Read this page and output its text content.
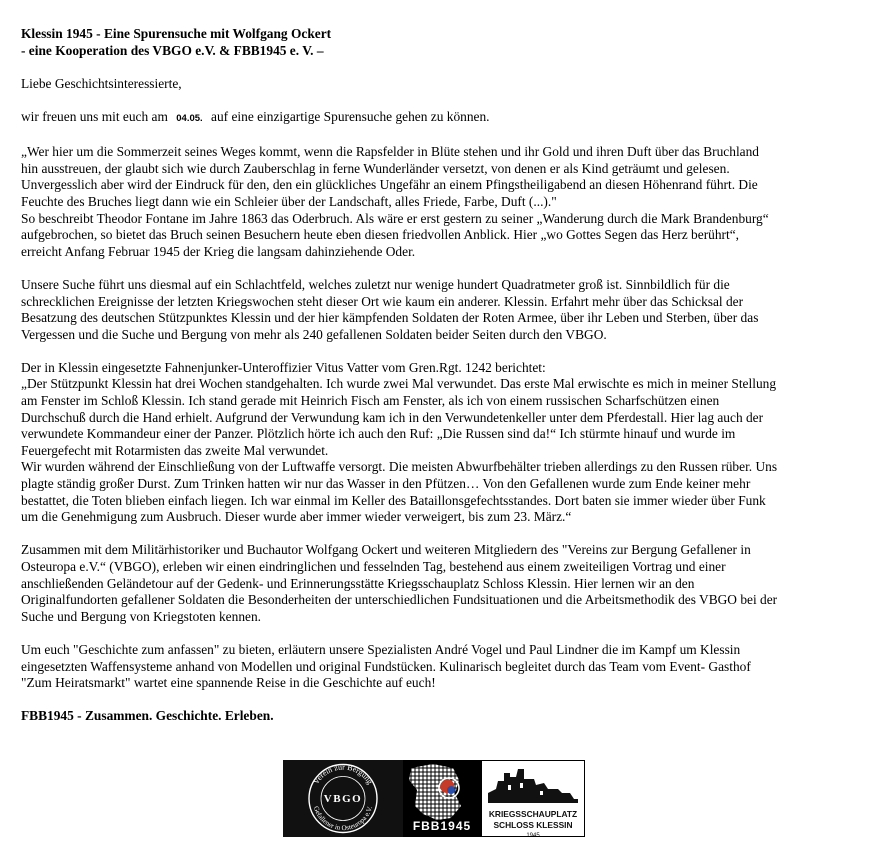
Klessin 1945 - Eine Spurensuche mit Wolfgang Ockert

- eine Kooperation des VBGO e.V. & FBB1945 e. V. –

Liebe Geschichtsinteressierte,

wir freuen uns mit euch am 04.05. auf eine einzigartige Spurensuche gehen zu können.

„Wer hier um die Sommerzeit seines Weges kommt, wenn die Rapsfelder in Blüte stehen und ihr Gold und ihren Duft über das Bruchland

hin ausstreuen, der glaubt sich wie durch Zauberschlag in ferne Wunderländer versetzt, von denen er als Kind geträumt und gelesen.

Unvergesslich aber wird der Eindruck für den, den ein glückliches Ungefähr an einem Pfingstheiligabend an diesen Höhenrand führt. Die

Feuchte des Bruches liegt dann wie ein Schleier über der Landschaft, alles Friede, Farbe, Duft (...)."

So beschreibt Theodor Fontane im Jahre 1863 das Oderbruch. Als wäre er erst gestern zu seiner „Wanderung durch die Mark Brandenburg“

aufgebrochen, so bietet das Bruch seinen Besuchern heute eben diesen friedvollen Anblick. Hier „wo Gottes Segen das Herz berührt“,

erreicht Anfang Februar 1945 der Krieg die langsam dahinziehende Oder.

Unsere Suche führt uns diesmal auf ein Schlachtfeld, welches zuletzt nur wenige hundert Quadratmeter groß ist. Sinnbildlich für die

schrecklichen Ereignisse der letzten Kriegswochen steht dieser Ort wie kaum ein anderer. Klessin. Erfahrt mehr über das Schicksal der

Besatzung des deutschen Stützpunktes Klessin und der hier kämpfenden Soldaten der Roten Armee, über ihr Leben und Sterben, über das

Vergessen und die Suche und Bergung von mehr als 240 gefallenen Soldaten beider Seiten durch den VBGO.

Der in Klessin eingesetzte Fahnenjunker-Unteroffizier Vitus Vatter vom Gren.Rgt. 1242 berichtet:

„Der Stützpunkt Klessin hat drei Wochen standgehalten. Ich wurde zwei Mal verwundet. Das erste Mal erwischte es mich in meiner Stellung

am Fenster im Schloß Klessin. Ich stand gerade mit Heinrich Fisch am Fenster, als ich von einem russischen Scharfschützen einen

Durchschuß durch die Hand erhielt. Aufgrund der Verwundung kam ich in den Verwundetenkeller unter dem Pferdestall. Hier lag auch der

verwundete Kommandeur einer der Panzer. Plötzlich hörte ich auch den Ruf: „Die Russen sind da!“ Ich stürmte hinauf und wurde im

Feuergefecht mit Rotarmisten das zweite Mal verwundet.

Wir wurden während der Einschließung von der Luftwaffe versorgt. Die meisten Abwurfbehälter trieben allerdings zu den Russen rüber. Uns

plagte ständig großer Durst. Zum Trinken hatten wir nur das Wasser in den Pfützen… Von den Gefallenen wurde zum Ende keiner mehr

bestattet, die Toten blieben einfach liegen. Ich war einmal im Keller des Bataillonsgefechtsstandes. Dort baten sie immer wieder über Funk

um die Genehmigung zum Ausbruch. Dieser wurde aber immer wieder verweigert, bis zum 23. März.“

Zusammen mit dem Militärhistoriker und Buchautor Wolfgang Ockert und weiteren Mitgliedern des "Vereins zur Bergung Gefallener in

Osteuropa e.V.“ (VBGO), erleben wir einen eindringlichen und fesselnden Tag, bestehend aus einem zweiteiligen Vortrag und einer

anschließenden Geländetour auf der Gedenk- und Erinnerungsstätte Kriegsschauplatz Schloss Klessin. Hier lernen wir an den

Originalfundorten gefallener Soldaten die Besonderheiten der unterschiedlichen Fundsituationen und die Arbeitsmethodik des VBGO bei der

Suche und Bergung von Kriegstoten kennen.

Um euch "Geschichte zum anfassen" zu bieten, erläutern unsere Spezialisten André Vogel und Paul Lindner die im Kampf um Klessin

eingesetzten Waffensysteme anhand von Modellen und original Fundstücken. Kulinarisch begleitet durch das Team vom Event- Gasthof

"Zum Heiratsmarkt" wartet eine spannende Reise in die Geschichte auf euch!

FBB1945 - Zusammen. Geschichte. Erleben.

Verein zur Bergung
Gefallener in Osteuropa e.V.
VBGO
FBB1945
KRIEGSSCHAUPLATZ
SCHLOSS KLESSIN
1945
